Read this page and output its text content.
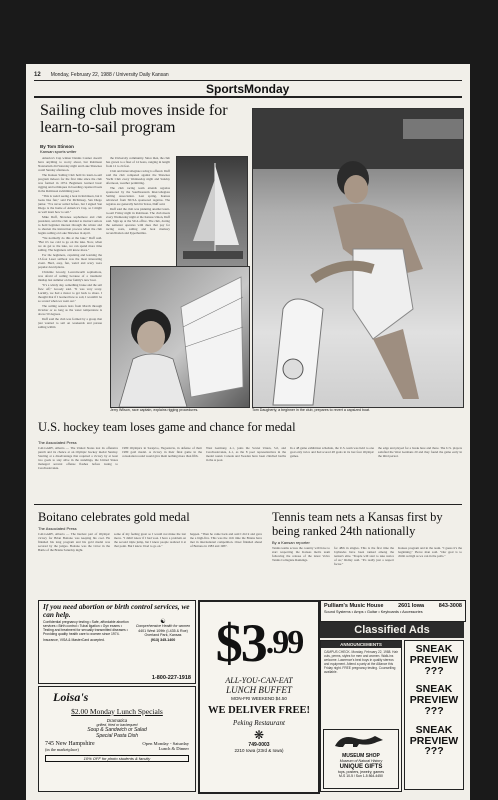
12 Monday, February 22, 1988 / University Daily Kansan
SportsMonday
Sailing club moves inside for learn-to-sail program
By Tom Stinson
Kansan sports writer

America's Cup winner Dennis Conner doesn't have anything to worry about, but Robinson Natatorium did Saturday night and Lake Shawnee could Sunday afternoon.

The Kansas Sailing Club held its learn-to-sail program indoors for the first time since the club was formed in 1974. Beginners learned basic rigging and techniques in boarding capsized boats in the Robinson swimming pool.

"This is weird seeing a boat in Robinson, but it looks like fun," said Pat McKinsey, San Diego junior. "I've never sailed before, but I signed San Diego is the home of America's Cup, so I might as well learn how to sail."

Mike Duff, Shawnee sophomore and club president, said the club decided to instruct sailors to hold beginner interest through the winter and to shorten the instruction process when the club begins sailing on Lake Shawnee in April.

"We normally do this at the lake," Duff said. "But it's too cold to go on the lake. Now, when we do get to the lake, we can spend more time sailing. The beginners will know more."

For the beginners, capsizing and learning the 13-foot Laser sailboat was the most interesting event. Hard, easy, fun, weird and scary were popular descriptions.

Christine Groody, Leavenworth sophomore, was afraid of sailing because of a traumatic mishap last summer on her family's new boat.

"It's a windy day, something broke and the sail flew off," Groody said. "It was very scary. Luckily, we had a motor to get back to shore. I thought that if I learned how to sail, I wouldn't be so scared when we went out."

The sailing season lasts from March through October or as long as the water temperature is above 50 degrees.

Duff said the club was formed by a group that just wanted to sail on weekends and pursue sailing within

the University community. Since then, the club has grown to a fleet of 14 boats, ranging in length from 12 to 24 feet.

Club and intercollegiate racing is offered. Duff said the club competed against the Shawnee Yacht Club every Wednesday night and Sunday afternoon, weather permitting.

The club racing team attends regattas sponsored by the Southwestern Intercollegiate Sailing Association. Last spring, Kansas advanced from SICSA sponsored regattas. The regattas are generally held in Texas, Duff said.

Duff said the club was planning another learn-to-sail Friday night in Robinson. The club meets every Wednesday night at the Kansas Union, Duff said. Sign up at the SUA office. The club, during the semester operates with dues that pay for racing costs, sailing and boat memory reconciliation and hypothermia.

Jerry Wilson, race captain, explains rigging procedures.	Tom Daugherty, a beginner in the club, prepares to revert a capsized boat.
U.S. hockey team loses game and chance for medal
The Associated Press
CALGARY, Alberta — The United States lost its offensive punch and its chance at an Olympic hockey medal Sunday. Starting at a disadvantage that required a victory by at least two goals to stay alive in the standings, the United States managed several offense flashes before losing to Czechoslovakia.
1980 Olympics in Sarajevo, Yugoslavia, in defense of their 1980 gold medal. A victory in their final game in the consolation round would give them nothing more than fifth.
West Germany, 4-1, joins the Soviet Union, 5-0, and Czechoslovakia, 4-1, as the 8 pool representatives in the medal round. Canada and Sweden have been clinched berths in the A pool.
In a 48 game exhibition schedule, the U.S. team was held to one goal only twice and had scored 48 goals in its last four Olympic games.
the edge and played for a break here and there. The U.S. players satisfied the West Germans 20 and they found the game early in the third period.
Boitano celebrates gold medal
The Associated Press
CALGARY, Alberta — The hardest part of Olympic victory for Brian Boitano was keeping his cool. He finished his long program and his gold medal was secured by the judges. Boitano was the victor in the Battle of the Brians Saturday night.
some of my feeling great so I would not make the last move. "I didn't know if I had won. I have a problem on the second triple jump, but I knew people realized it at that point. But I knew I had to go on."
happen. "Then he came back and said I did it and gave me a high-five. This was the 11th time the Brians have met in international competition. Orser finished ahead of Boitano in 1983 and 1987.
Tennis team nets a Kansas first by being ranked 24th nationally
By a Kansan reporter
Tennis teams across the country will have to start respecting the Kansas men's team following the release of the latest Volvo Tennis Collegiate Rankings.
for 48th in singles. This is the first time the Jayhawks have been ranked among the nation's elite. "People will start to take notice of us," Ridley said. "It's really just a respect factor."
Kansas program and in the team. "I guess it's the beginning," Pierce man said. "Our goal is to climb as high as we can in the polls."
If you need abortion or birth control services, we can help.
Confidential pregnancy testing • Safe, affordable abortion services • Birth control • Tubal ligation • Gyn exams • Testing and treatment for sexually transmitted diseases • Providing quality health care to women since 1974.
Insurance, VISA & MasterCard accepted.
☯
Comprehensive Health for women
4401 West 109th (I-435 & Roe) Overland Park, Kansas
(913) 345-1400
1-800-227-1918
Loisa's
$2.00 Monday Lunch Specials
Dramatica
grilled, fried or barbequed
Soup & Sandwich or Salad
Special Pasta Dish
745 New Hampshire
(in the marketplace)
Open Monday - Saturday
Lunch & Dinner
10% OFF for photo students & faculty
$\$3^{.99}$
ALL-YOU-CAN-EAT
LUNCH BUFFET
MON-FRI WEEKEND $4.50
WE DELIVER FREE!
Peking Restaurant
❋
749-0003
2210 Iowa (23rd & Iowa)
Pulliam's Music House	2601 Iowa	843-3008
Sound Systems • Amps • Guitar • Keyboards • Accessories
Classified Ads
ANNOUNCEMENTS
CAMPUS CHECK. Monday, February 22, 1988. Hair cuts, perms, styles for men and women. Walk-ins welcome. Lawrence's best buys in quality stereos and equipment. Attend a party at the Alliance this Friday night. FREE pregnancy testing. Counselling available.
MUSEUM SHOP
Museum of Natural History
UNIQUE GIFTS
toys, posters, jewelry, games
M-S 10-5 / Sun 1-5 864-4450
SNEAK
PREVIEW
???
SNEAK
PREVIEW
???
SNEAK
PREVIEW
???
